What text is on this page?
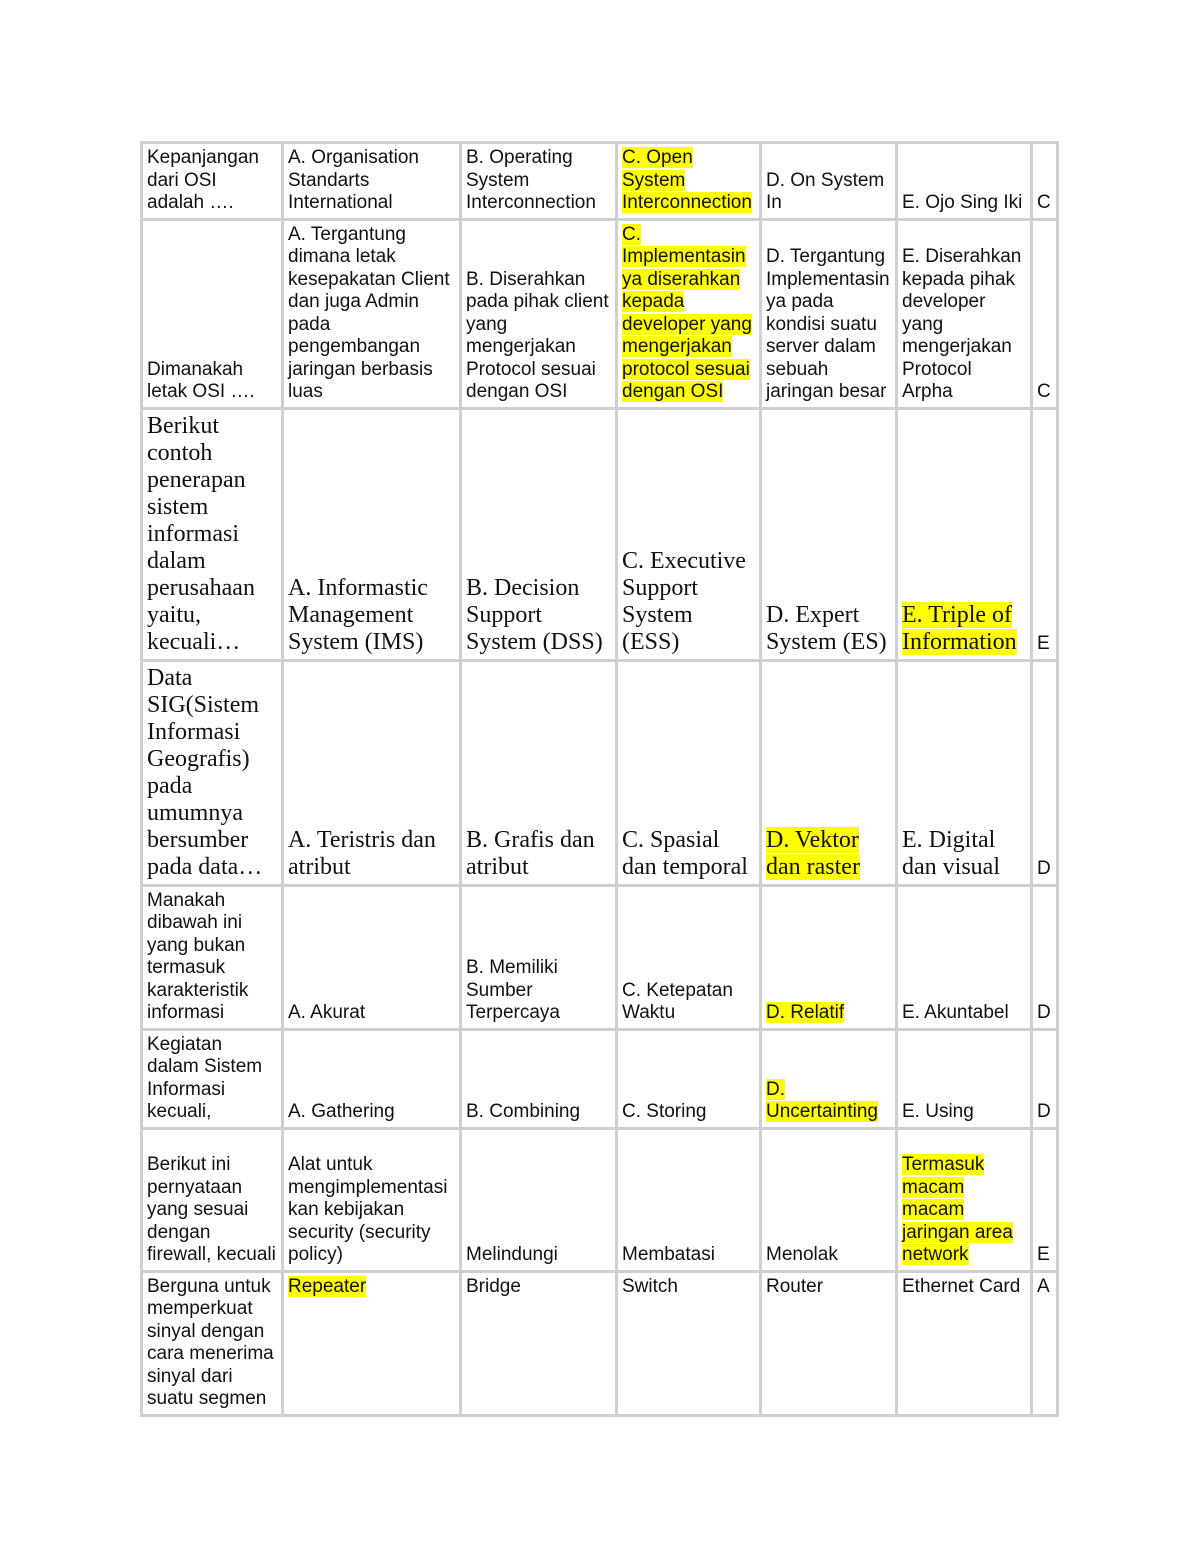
Kepanjangan dari OSI adalah ….	A. Organisation Standarts International	B. Operating System Interconnection	C. Open System Interconnection	D. On System In	E. Ojo Sing Iki	C
Dimanakah letak OSI ….	A. Tergantung dimana letak kesepakatan Client dan juga Admin pada pengembangan jaringan berbasis luas	B. Diserahkan pada pihak client yang mengerjakan Protocol sesuai dengan OSI	C. Implementasinya diserahkan kepada developer yang mengerjakan protocol sesuai dengan OSI	D. Tergantung Implementasinya pada kondisi suatu server dalam sebuah jaringan besar	E. Diserahkan kepada pihak developer yang mengerjakan Protocol Arpha	C
Berikut contoh penerapan sistem informasi dalam perusahaan yaitu, kecuali…	A. Informastic Management System (IMS)	B. Decision Support System (DSS)	C. Executive Support System (ESS)	D. Expert System (ES)	E. Triple of Information	E
Data SIG(Sistem Informasi Geografis) pada umumnya bersumber pada data…	A. Teristris dan atribut	B. Grafis dan atribut	C. Spasial dan temporal	D. Vektor dan raster	E. Digital dan visual	D
Manakah dibawah ini yang bukan termasuk karakteristik informasi	A. Akurat	B. Memiliki Sumber Terpercaya	C. Ketepatan Waktu	D. Relatif	E. Akuntabel	D
Kegiatan dalam Sistem Informasi kecuali,	A. Gathering	B. Combining	C. Storing	D. Uncertainting	E. Using	D
Berikut ini pernyataan yang sesuai dengan firewall, kecuali	Alat untuk mengimplementasikan kebijakan security (security policy)	Melindungi	Membatasi	Menolak	Termasuk macam macam jaringan area network	E
Berguna untuk memperkuat sinyal dengan cara menerima sinyal dari suatu segmen	Repeater	Bridge	Switch	Router	Ethernet Card	A
